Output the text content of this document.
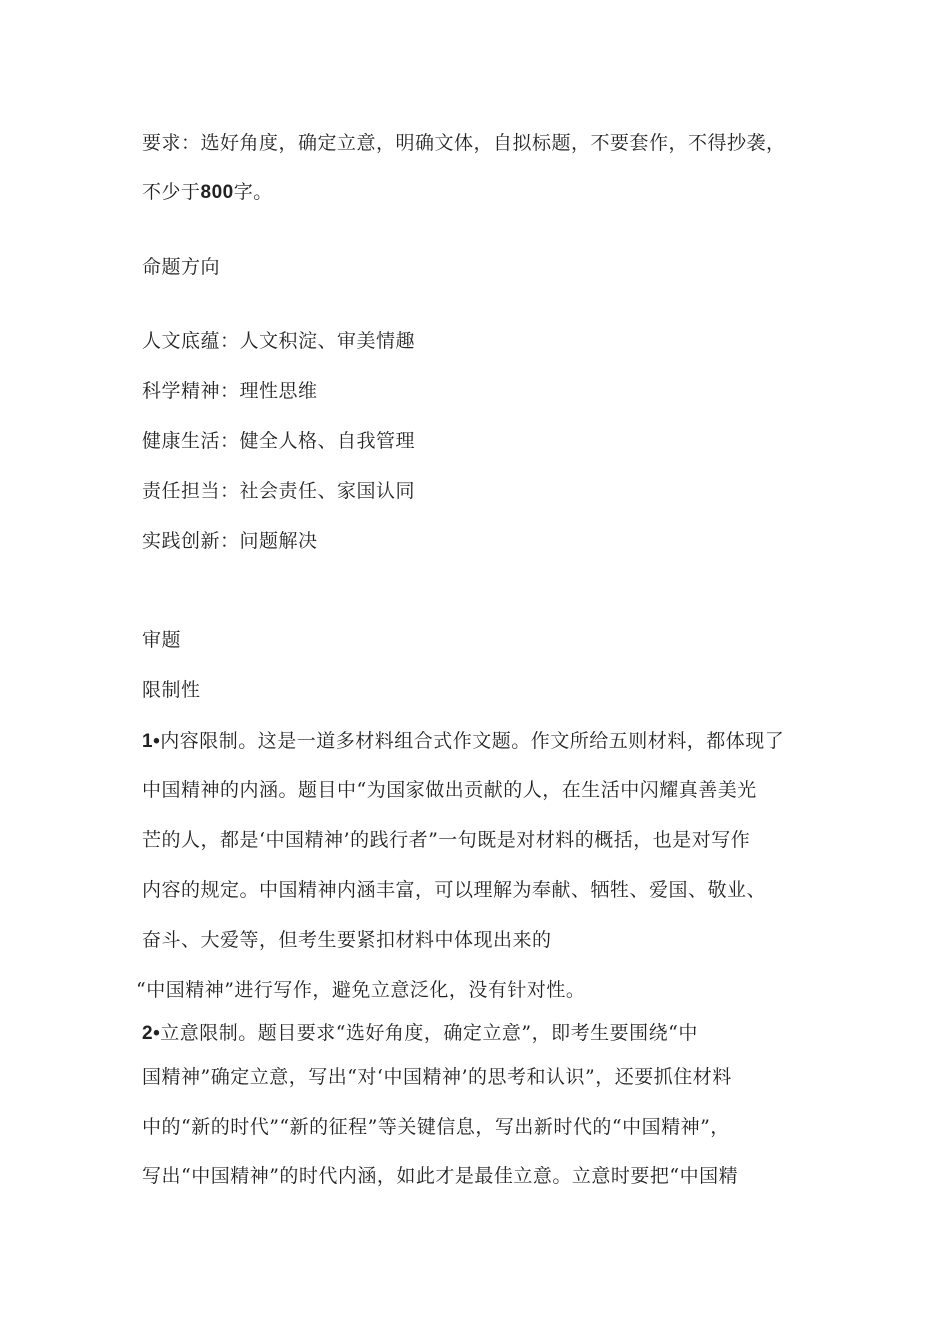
要求：选好角度，确定立意，明确文体，自拟标题，不要套作，不得抄袭，
不少于800字。
命题方向
人文底蕴：人文积淀、审美情趣
科学精神：理性思维
健康生活：健全人格、自我管理
责任担当：社会责任、家国认同
实践创新：问题解决
审题
限制性
1•内容限制。这是一道多材料组合式作文题。作文所给五则材料，都体现了
中国精神的内涵。题目中“为国家做出贡献的人，在生活中闪耀真善美光
芒的人，都是‘中国精神’的践行者”一句既是对材料的概括，也是对写作
内容的规定。中国精神内涵丰富，可以理解为奉献、牺牲、爱国、敬业、
奋斗、大爱等，但考生要紧扣材料中体现出来的
“中国精神”进行写作，避免立意泛化，没有针对性。
2•立意限制。题目要求“选好角度，确定立意”，即考生要围绕“中
国精神”确定立意，写出“对‘中国精神’的思考和认识”，还要抓住材料
中的“新的时代”“新的征程”等关键信息，写出新时代的“中国精神”，
写出“中国精神”的时代内涵，如此才是最佳立意。立意时要把“中国精
